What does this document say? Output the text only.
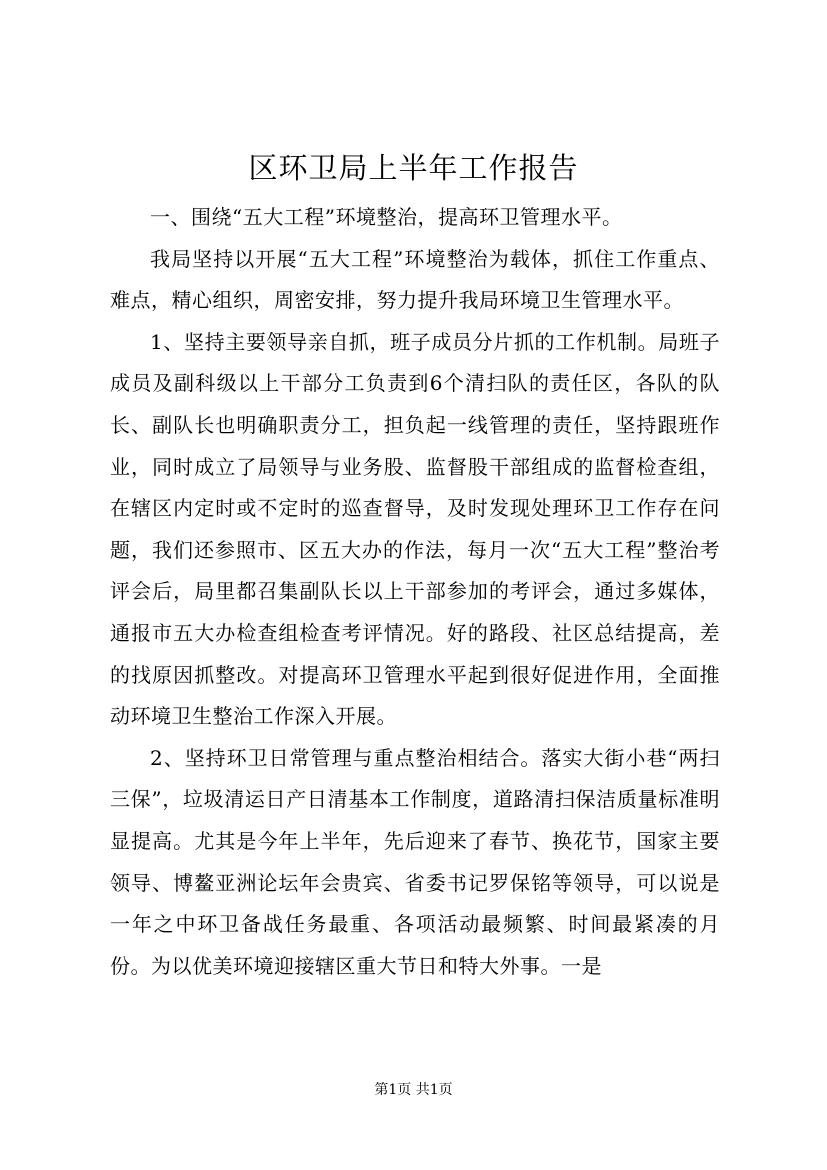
区环卫局上半年工作报告

一、围绕“五大工程”环境整治，提高环卫管理水平。

我局坚持以开展“五大工程”环境整治为载体，抓住工作重点、难点，精心组织，周密安排，努力提升我局环境卫生管理水平。

1、坚持主要领导亲自抓，班子成员分片抓的工作机制。局班子成员及副科级以上干部分工负责到6个清扫队的责任区，各队的队长、副队长也明确职责分工，担负起一线管理的责任，坚持跟班作业，同时成立了局领导与业务股、监督股干部组成的监督检查组，在辖区内定时或不定时的巡查督导，及时发现处理环卫工作存在问题，我们还参照市、区五大办的作法，每月一次“五大工程”整治考评会后，局里都召集副队长以上干部参加的考评会，通过多媒体，通报市五大办检查组检查考评情况。好的路段、社区总结提高，差的找原因抓整改。对提高环卫管理水平起到很好促进作用，全面推动环境卫生整治工作深入开展。

2、坚持环卫日常管理与重点整治相结合。落实大街小巷“两扫三保”，垃圾清运日产日清基本工作制度，道路清扫保洁质量标准明显提高。尤其是今年上半年，先后迎来了春节、换花节，国家主要领导、博鳌亚洲论坛年会贵宾、省委书记罗保铭等领导，可以说是一年之中环卫备战任务最重、各项活动最频繁、时间最紧凑的月份。为以优美环境迎接辖区重大节日和特大外事。一是

第1页 共1页
